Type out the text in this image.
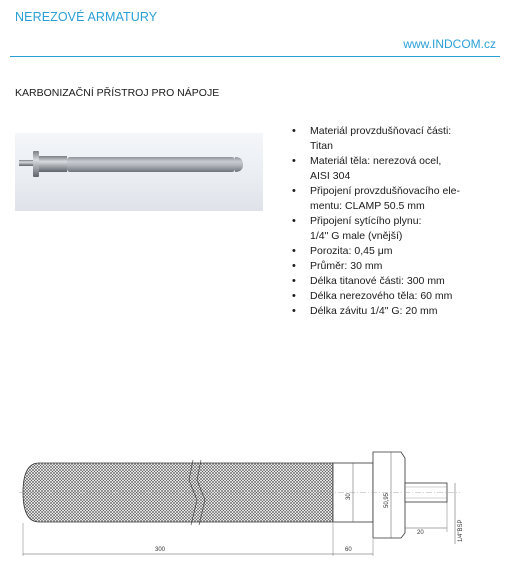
NEREZOVÉ ARMATURY
www.INDCOM.cz
KARBONIZAČNÍ PŘÍSTROJ PRO NÁPOJE
• Materiál provzdušňovací části:
Titan
• Materiál těla: nerezová ocel,
AISI 304
• Připojení provzdušňovacího ele-
mentu: CLAMP 50.5 mm
• Připojení sytícího plynu:
1/4" G male (vnější)
• Porozita: 0,45 μm
• Průměr: 30 mm
• Délka titanové části: 300 mm
• Délka nerezového těla: 60 mm
• Délka závitu 1/4" G: 20 mm
300	60
30	50,95
20	1/4"BSP
